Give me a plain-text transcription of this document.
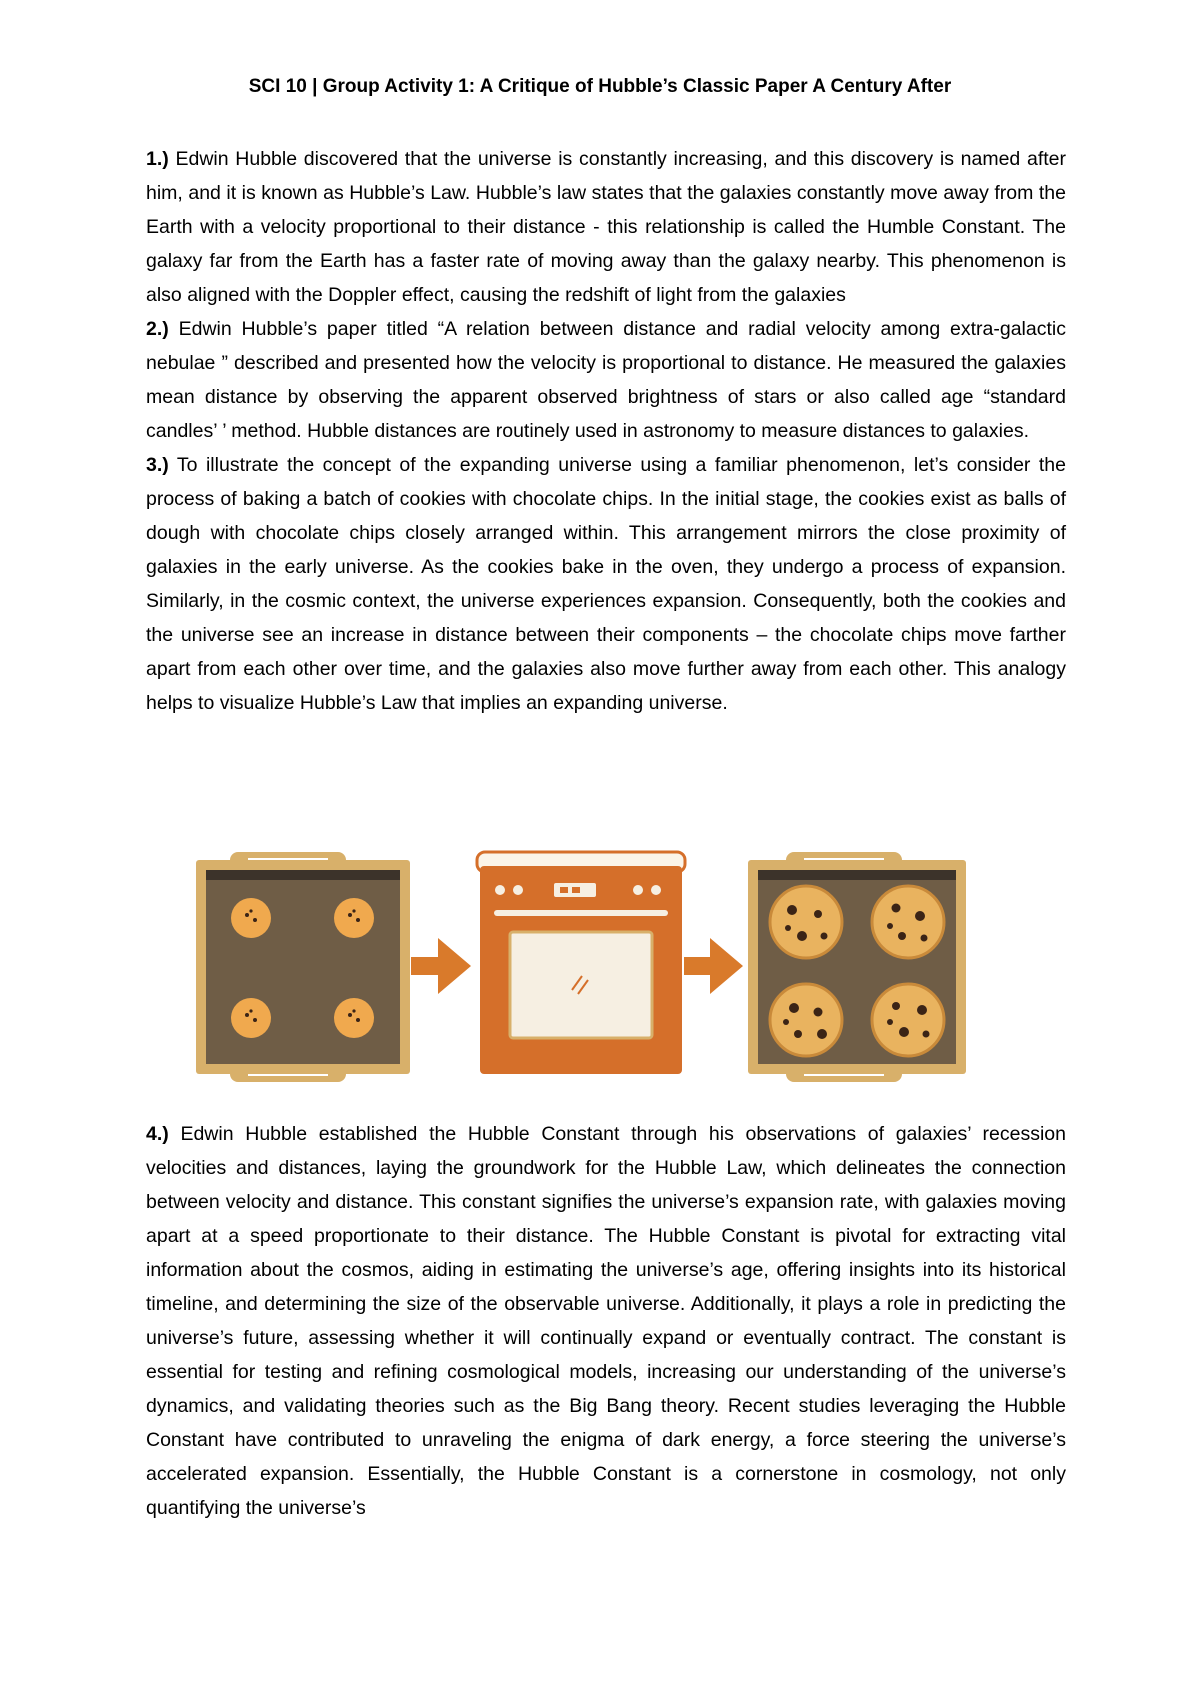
SCI 10 | Group Activity 1: A Critique of Hubble’s Classic Paper A Century After
1.) Edwin Hubble discovered that the universe is constantly increasing, and this discovery is named after him, and it is known as Hubble’s Law. Hubble’s law states that the galaxies constantly move away from the Earth with a velocity proportional to their distance - this relationship is called the Humble Constant. The galaxy far from the Earth has a faster rate of moving away than the galaxy nearby. This phenomenon is also aligned with the Doppler effect, causing the redshift of light from the galaxies
2.) Edwin Hubble’s paper titled “A relation between distance and radial velocity among extra-galactic nebulae ” described and presented how the velocity is proportional to distance. He measured the galaxies mean distance by observing the apparent observed brightness of stars or also called age “standard candles’ ’ method. Hubble distances are routinely used in astronomy to measure distances to galaxies.
3.) To illustrate the concept of the expanding universe using a familiar phenomenon, let’s consider the process of baking a batch of cookies with chocolate chips. In the initial stage, the cookies exist as balls of dough with chocolate chips closely arranged within. This arrangement mirrors the close proximity of galaxies in the early universe. As the cookies bake in the oven, they undergo a process of expansion. Similarly, in the cosmic context, the universe experiences expansion. Consequently, both the cookies and the universe see an increase in distance between their components – the chocolate chips move farther apart from each other over time, and the galaxies also move further away from each other. This analogy helps to visualize Hubble’s Law that implies an expanding universe.
4.) Edwin Hubble established the Hubble Constant through his observations of galaxies’ recession velocities and distances, laying the groundwork for the Hubble Law, which delineates the connection between velocity and distance. This constant signifies the universe’s expansion rate, with galaxies moving apart at a speed proportionate to their distance. The Hubble Constant is pivotal for extracting vital information about the cosmos, aiding in estimating the universe’s age, offering insights into its historical timeline, and determining the size of the observable universe. Additionally, it plays a role in predicting the universe’s future, assessing whether it will continually expand or eventually contract. The constant is essential for testing and refining cosmological models, increasing our understanding of the universe’s dynamics, and validating theories such as the Big Bang theory. Recent studies leveraging the Hubble Constant have contributed to unraveling the enigma of dark energy, a force steering the universe’s accelerated expansion. Essentially, the Hubble Constant is a cornerstone in cosmology, not only quantifying the universe’s
